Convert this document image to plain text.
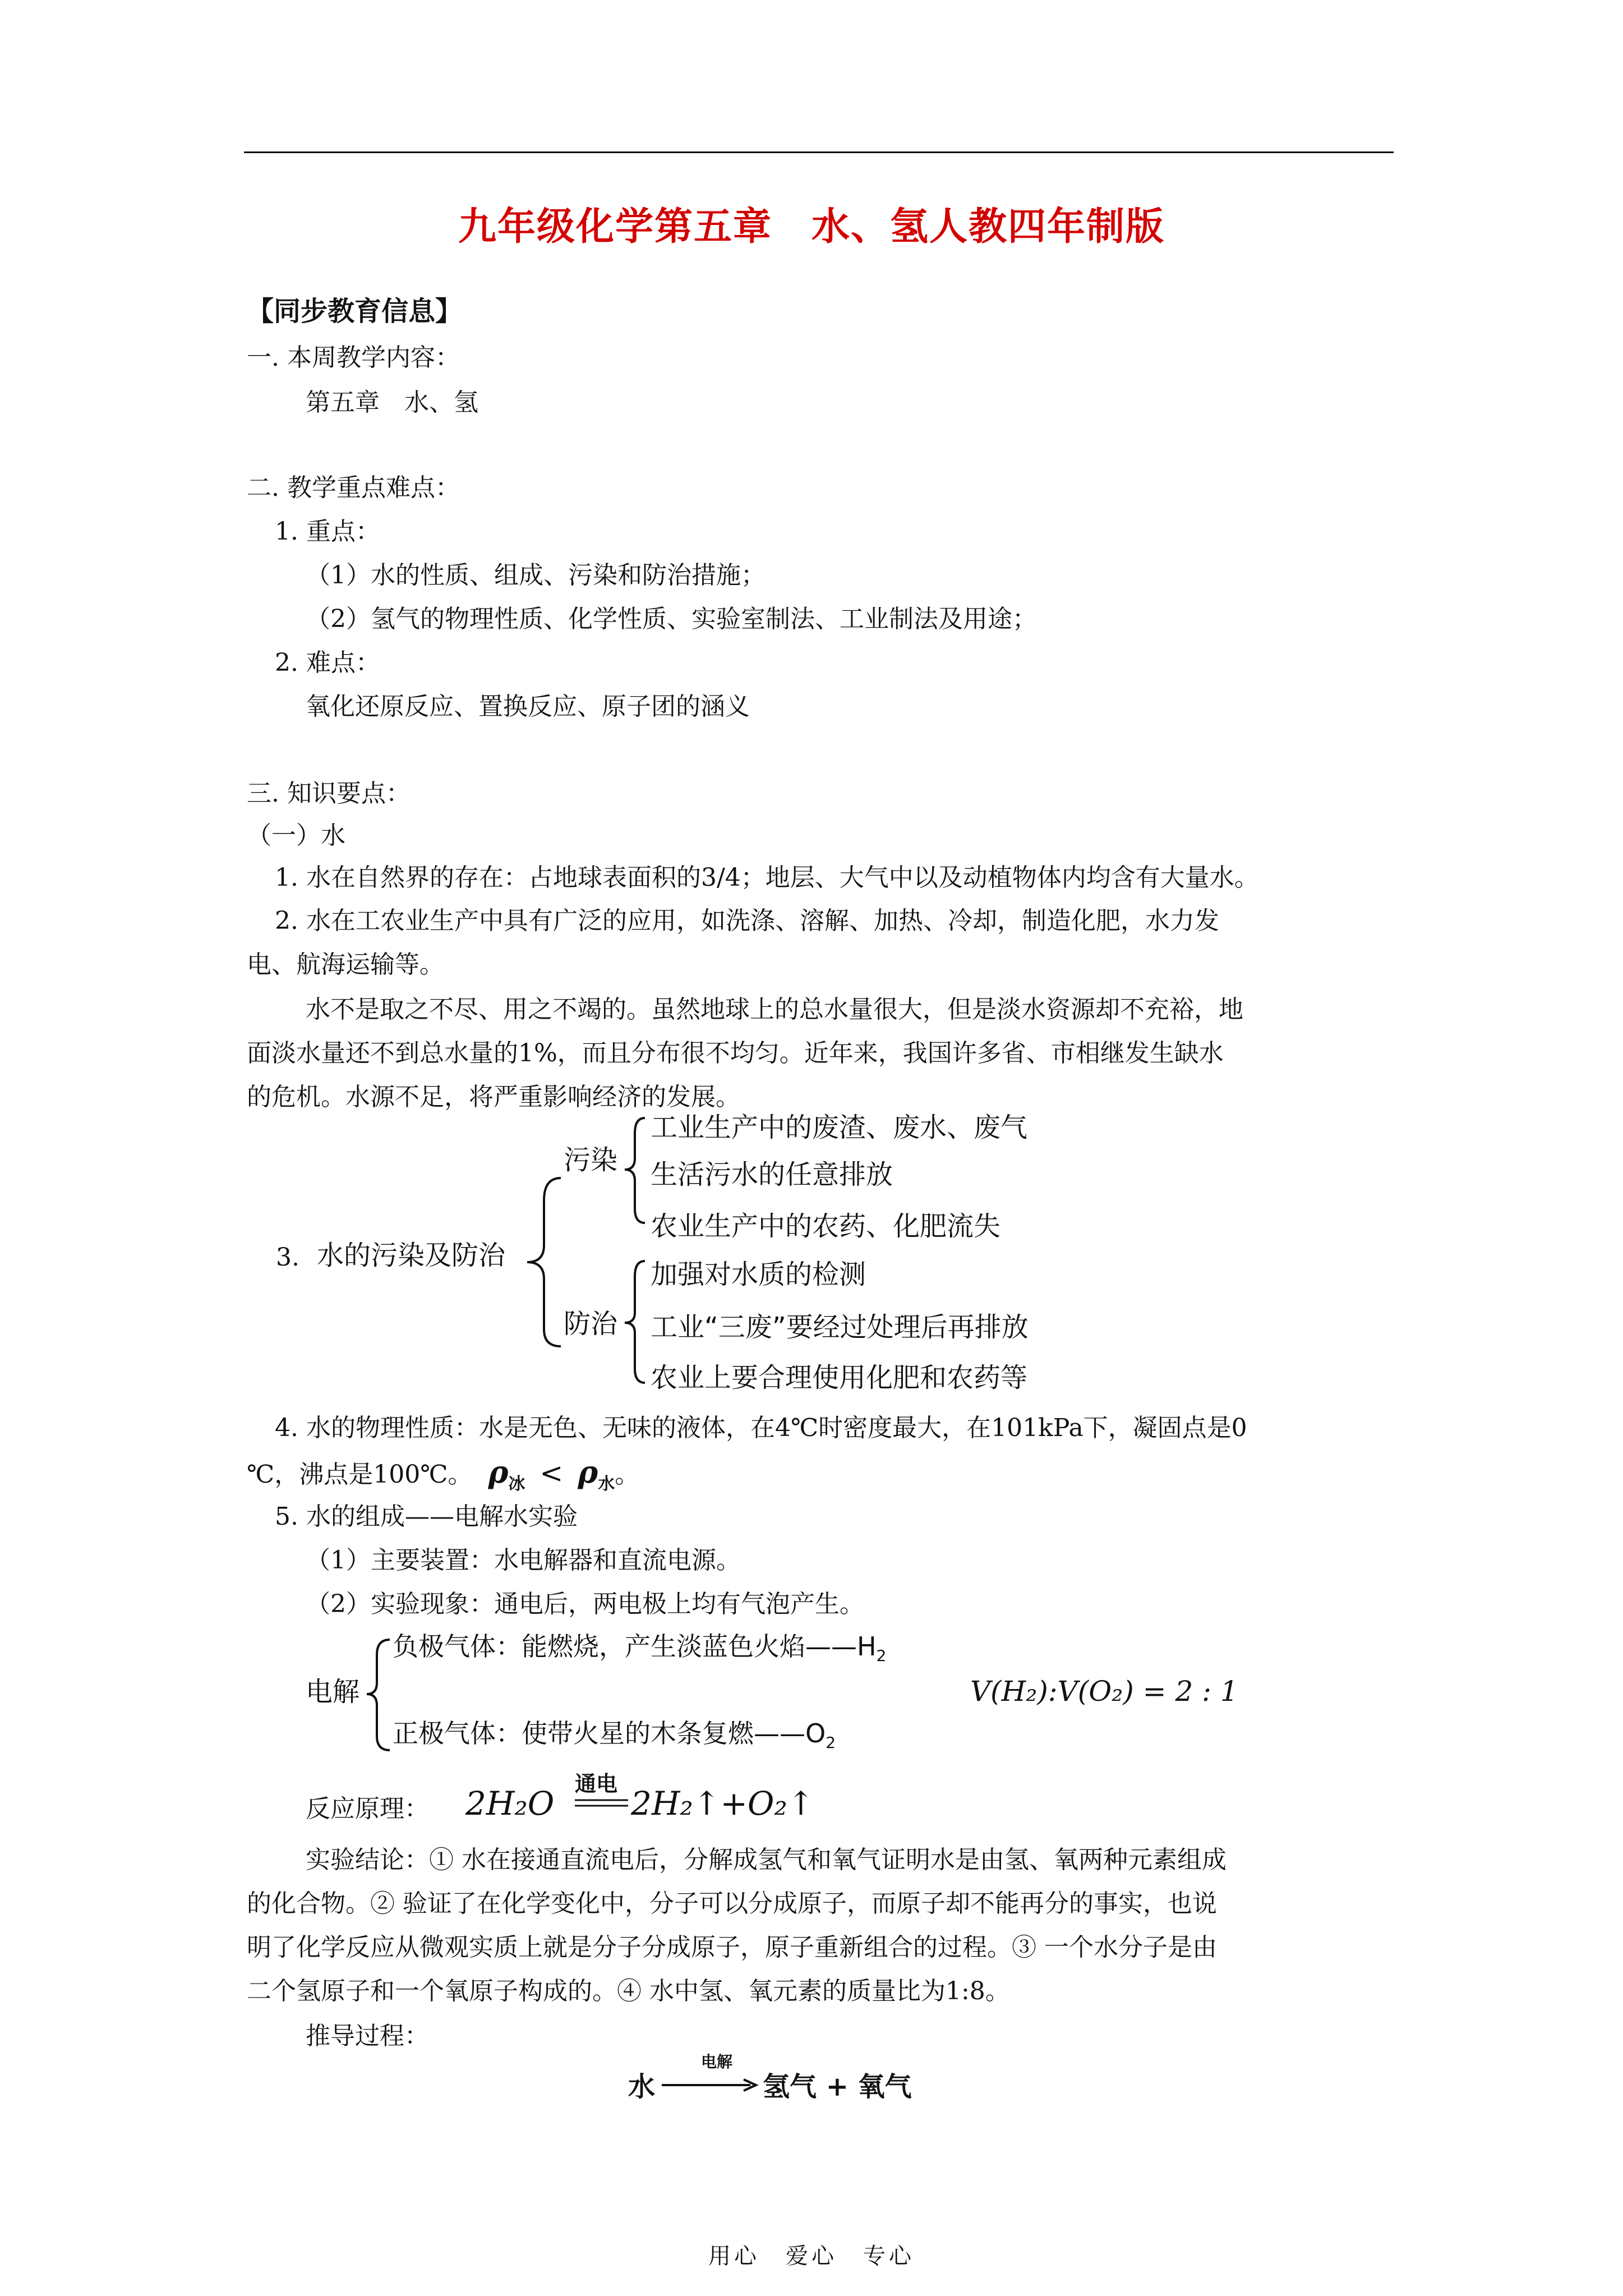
九年级化学第五章　水、氢人教四年制版
【同步教育信息】
一. 本周教学内容：
第五章　水、氢
二. 教学重点难点：
1. 重点：
（1）水的性质、组成、污染和防治措施；
（2）氢气的物理性质、化学性质、实验室制法、工业制法及用途；
2. 难点：
氧化还原反应、置换反应、原子团的涵义
三. 知识要点：
（一）水
1. 水在自然界的存在：占地球表面积的3/4；地层、大气中以及动植物体内均含有大量水。
2. 水在工农业生产中具有广泛的应用，如洗涤、溶解、加热、冷却，制造化肥，水力发
电、航海运输等。
水不是取之不尽、用之不竭的。虽然地球上的总水量很大，但是淡水资源却不充裕，地
面淡水量还不到总水量的1%，而且分布很不均匀。近年来，我国许多省、市相继发生缺水
的危机。水源不足，将严重影响经济的发展。
3. 水的污染及防治
污染
工业生产中的废渣、废水、废气
生活污水的任意排放
农业生产中的农药、化肥流失
防治
加强对水质的检测
工业“三废”要经过处理后再排放
农业上要合理使用化肥和农药等
4. 水的物理性质：水是无色、无味的液体，在4℃时密度最大，在101kPa下，凝固点是0
℃，沸点是100℃。 $\rho_冰 < \rho_水$。
5. 水的组成——电解水实验
（1）主要装置：水电解器和直流电源。
（2）实验现象：通电后，两电极上均有气泡产生。
电解
负极气体：能燃烧，产生淡蓝色火焰$——H_2$
正极气体：使带火星的木条复燃$——O_2$
V(H₂):V(O₂) = 2 : 1
反应原理： 2H₂O
通电
2H₂↑+O₂↑
实验结论：① 水在接通直流电后，分解成氢气和氧气证明水是由氢、氧两种元素组成
的化合物。② 验证了在化学变化中，分子可以分成原子，而原子却不能再分的事实，也说
明了化学反应从微观实质上就是分子分成原子，原子重新组合的过程。③ 一个水分子是由
二个氢原子和一个氧原子构成的。④ 水中氢、氧元素的质量比为1:8。
推导过程：
水
电解
氢气 + 氧气
用心　爱心　专心
